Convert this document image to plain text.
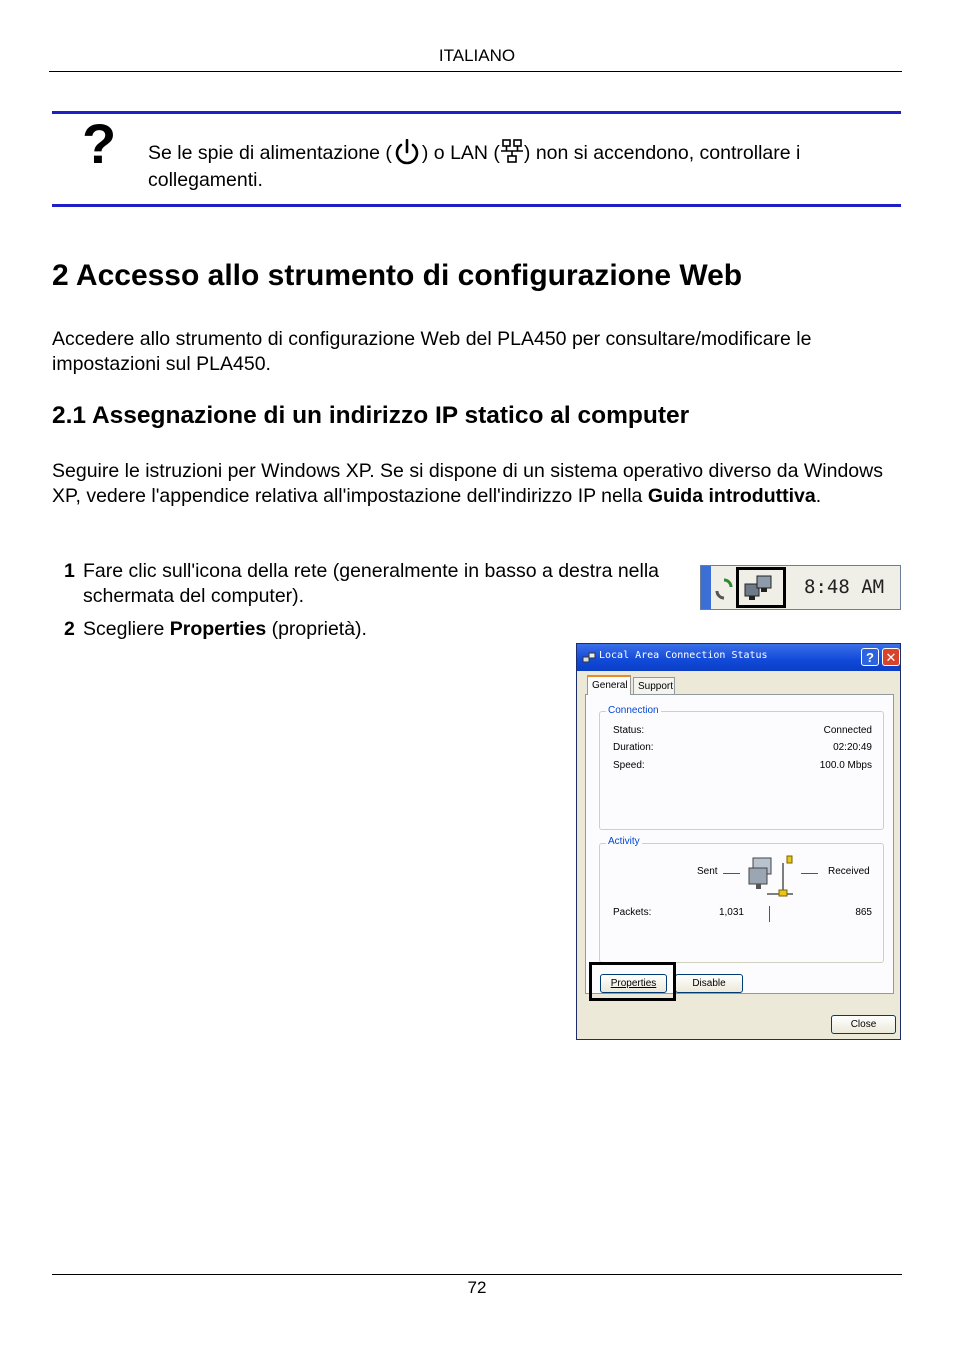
ITALIANO
? Se le spie di alimentazione ( ) o LAN ( ) non si accendono, controllare i collegamenti.
2 Accesso allo strumento di configurazione Web
Accedere allo strumento di configurazione Web del PLA450 per consultare/modificare le impostazioni sul PLA450.
2.1 Assegnazione di un indirizzo IP statico al computer
Seguire le istruzioni per Windows XP. Se si dispone di un sistema operativo diverso da Windows XP, vedere l'appendice relativa all'impostazione dell'indirizzo IP nella Guida introduttiva.
1 Fare clic sull'icona della rete (generalmente in basso a destra nella schermata del computer).
2 Scegliere Properties (proprietà).
8:48 AM
Local Area Connection Status	? ✕
General	Support
Connection
Status:	Connected
Duration:	02:20:49
Speed:	100.0 Mbps
Activity
Sent	Received
Packets:	1,031	865
Properties	Disable
Close
72
